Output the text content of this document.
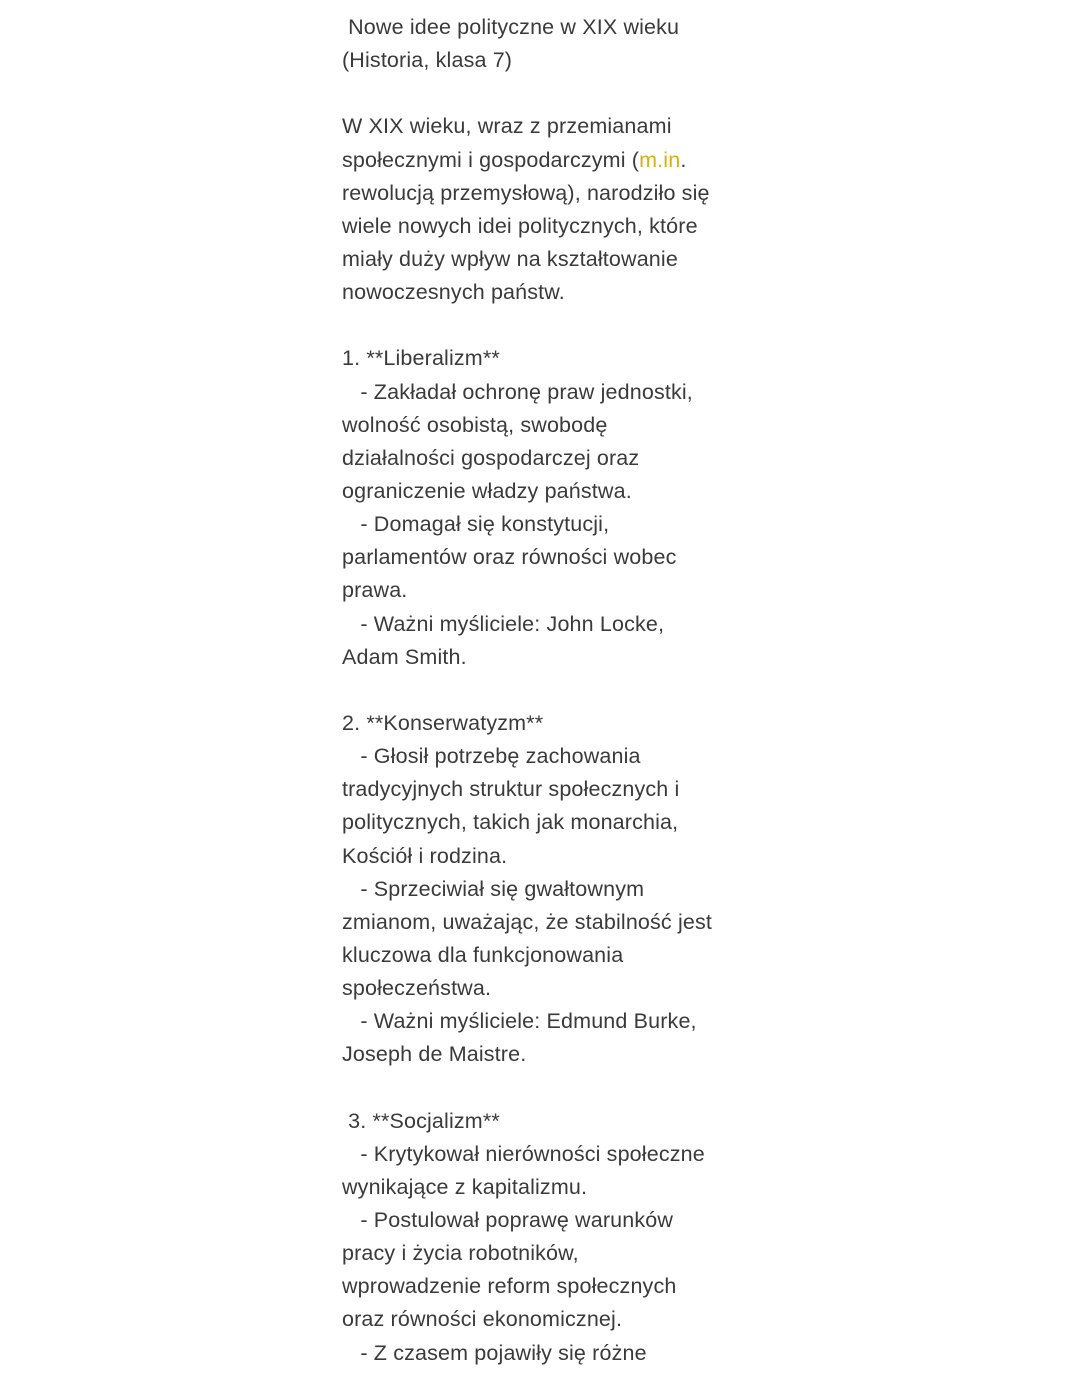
Nowe idee polityczne w XIX wieku
(Historia, klasa 7)
W XIX wieku, wraz z przemianami
społecznymi i gospodarczymi (m.in.
rewolucją przemysłową), narodziło się
wiele nowych idei politycznych, które
miały duży wpływ na kształtowanie
nowoczesnych państw.
1. **Liberalizm**
- Zakładał ochronę praw jednostki,
wolność osobistą, swobodę
działalności gospodarczej oraz
ograniczenie władzy państwa.
- Domagał się konstytucji,
parlamentów oraz równości wobec
prawa.
- Ważni myśliciele: John Locke,
Adam Smith.
2. **Konserwatyzm**
- Głosił potrzebę zachowania
tradycyjnych struktur społecznych i
politycznych, takich jak monarchia,
Kościół i rodzina.
- Sprzeciwiał się gwałtownym
zmianom, uważając, że stabilność jest
kluczowa dla funkcjonowania
społeczeństwa.
- Ważni myśliciele: Edmund Burke,
Joseph de Maistre.
3. **Socjalizm**
- Krytykował nierówności społeczne
wynikające z kapitalizmu.
- Postulował poprawę warunków
pracy i życia robotników,
wprowadzenie reform społecznych
oraz równości ekonomicznej.
- Z czasem pojawiły się różne
